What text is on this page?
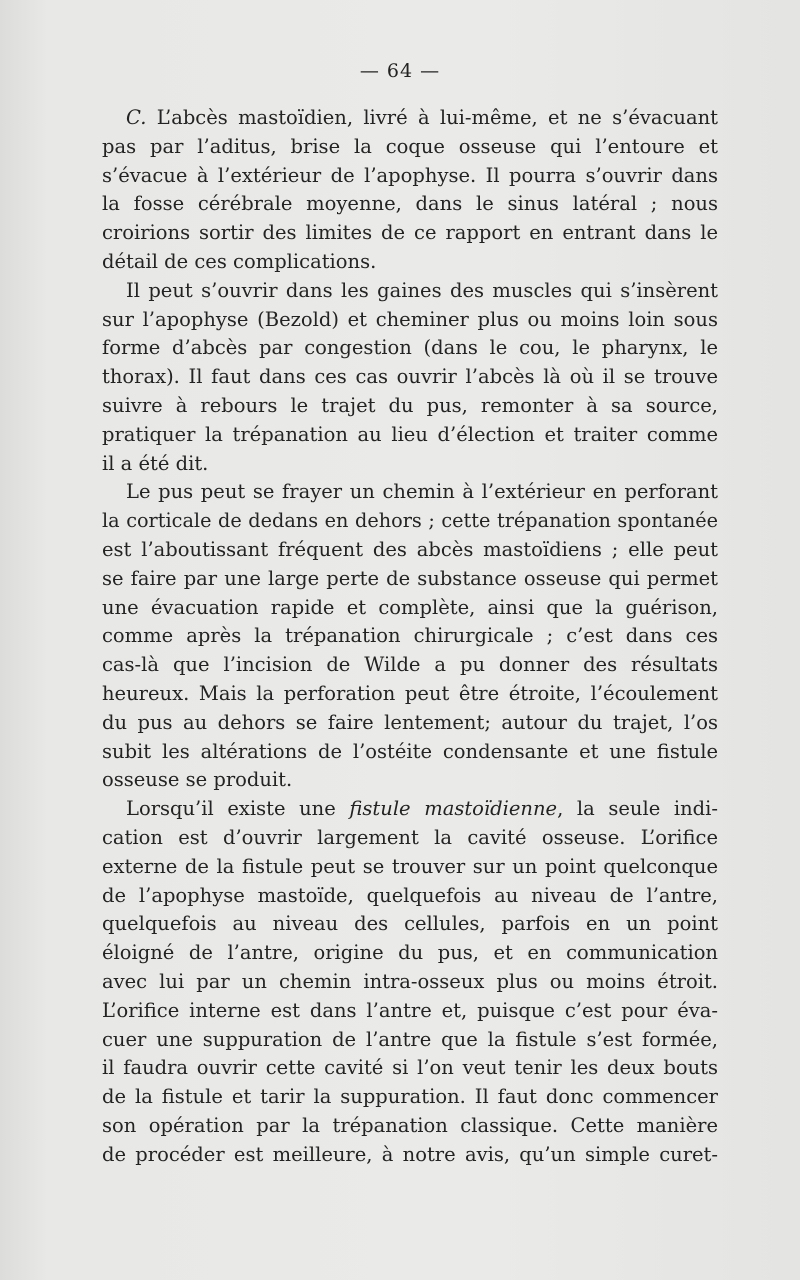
— 64 —
C. L’abcès mastoïdien, livré à lui-même, et ne s’évacuant
pas par l’aditus, brise la coque osseuse qui l’entoure et
s’évacue à l’extérieur de l’apophyse. Il pourra s’ouvrir dans
la fosse cérébrale moyenne, dans le sinus latéral ; nous
croirions sortir des limites de ce rapport en entrant dans le
détail de ces complications.
Il peut s’ouvrir dans les gaines des muscles qui s’insèrent
sur l’apophyse (Bezold) et cheminer plus ou moins loin sous
forme d’abcès par congestion (dans le cou, le pharynx, le
thorax). Il faut dans ces cas ouvrir l’abcès là où il se trouve
suivre à rebours le trajet du pus, remonter à sa source,
pratiquer la trépanation au lieu d’élection et traiter comme
il a été dit.
Le pus peut se frayer un chemin à l’extérieur en perforant
la corticale de dedans en dehors ; cette trépanation spontanée
est l’aboutissant fréquent des abcès mastoïdiens ; elle peut
se faire par une large perte de substance osseuse qui permet
une évacuation rapide et complète, ainsi que la guérison,
comme après la trépanation chirurgicale ; c’est dans ces
cas-là que l’incision de Wilde a pu donner des résultats
heureux. Mais la perforation peut être étroite, l’écoulement
du pus au dehors se faire lentement; autour du trajet, l’os
subit les altérations de l’ostéite condensante et une fistule
osseuse se produit.
Lorsqu’il existe une fistule mastoïdienne, la seule indi-
cation est d’ouvrir largement la cavité osseuse. L’orifice
externe de la fistule peut se trouver sur un point quelconque
de l’apophyse mastoïde, quelquefois au niveau de l’antre,
quelquefois au niveau des cellules, parfois en un point
éloigné de l’antre, origine du pus, et en communication
avec lui par un chemin intra-osseux plus ou moins étroit.
L’orifice interne est dans l’antre et, puisque c’est pour éva-
cuer une suppuration de l’antre que la fistule s’est formée,
il faudra ouvrir cette cavité si l’on veut tenir les deux bouts
de la fistule et tarir la suppuration. Il faut donc commencer
son opération par la trépanation classique. Cette manière
de procéder est meilleure, à notre avis, qu’un simple curet-
